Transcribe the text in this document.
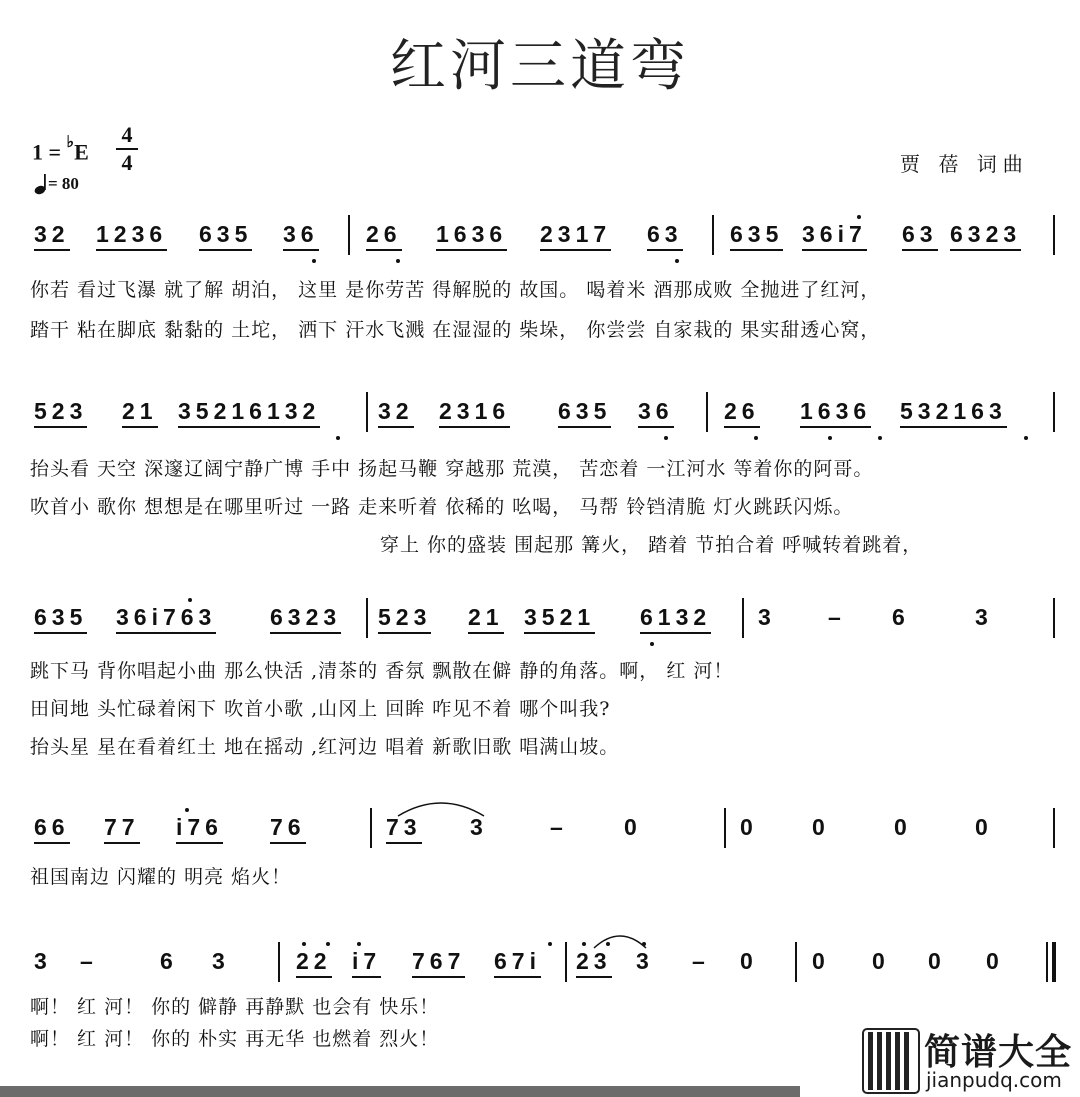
红河三道弯
1 = ♭E
4
4
= 80
贾 蓓 词曲
32 1236 635 36 26 1636 2317 63 635 36i7 63 6323
你若 看过飞瀑 就了解 胡泊， 这里 是你劳苦 得解脱的 故国。 喝着米 酒那成败 全抛进了红河，
踏干 粘在脚底 黏黏的 土坨， 洒下 汗水飞溅 在湿湿的 柴垛， 你尝尝 自家栽的 果实甜透心窝，
523 21 35216132	32 2316 635 36 26 1636 532163
抬头看 天空 深邃辽阔宁静广博 手中 扬起马鞭 穿越那 荒漠， 苦恋着 一江河水 等着你的阿哥。
吹首小 歌你 想想是在哪里听过 一路 走来听着 依稀的 吆喝， 马帮 铃铛清脆 灯火跳跃闪烁。
穿上 你的盛装 围起那 篝火， 踏着 节拍合着 呼喊转着跳着，
635 36i763 6323 523 21 3521 6132 3 – 6	3
跳下马 背你唱起小曲 那么快活 ,清茶的 香氛 飘散在僻 静的角落。啊， 红 河！
田间地 头忙碌着闲下 吹首小歌 ,山冈上 回眸 咋见不着 哪个叫我?
抬头星 星在看着红土 地在摇动 ,红河边 唱着 新歌旧歌 唱满山坡。
66 77 i76 76	73 3	– 0	0 0	0	0
祖国南边 闪耀的 明亮 焰火！
3 –	6 3	22 i7 767 67i 23 3 – 0 0 0 0 0
啊！ 红 河！ 你的 僻静 再静默 也会有 快乐！
啊！ 红 河！ 你的 朴实 再无华 也燃着 烈火！	简谱大全
jianpudq.com
